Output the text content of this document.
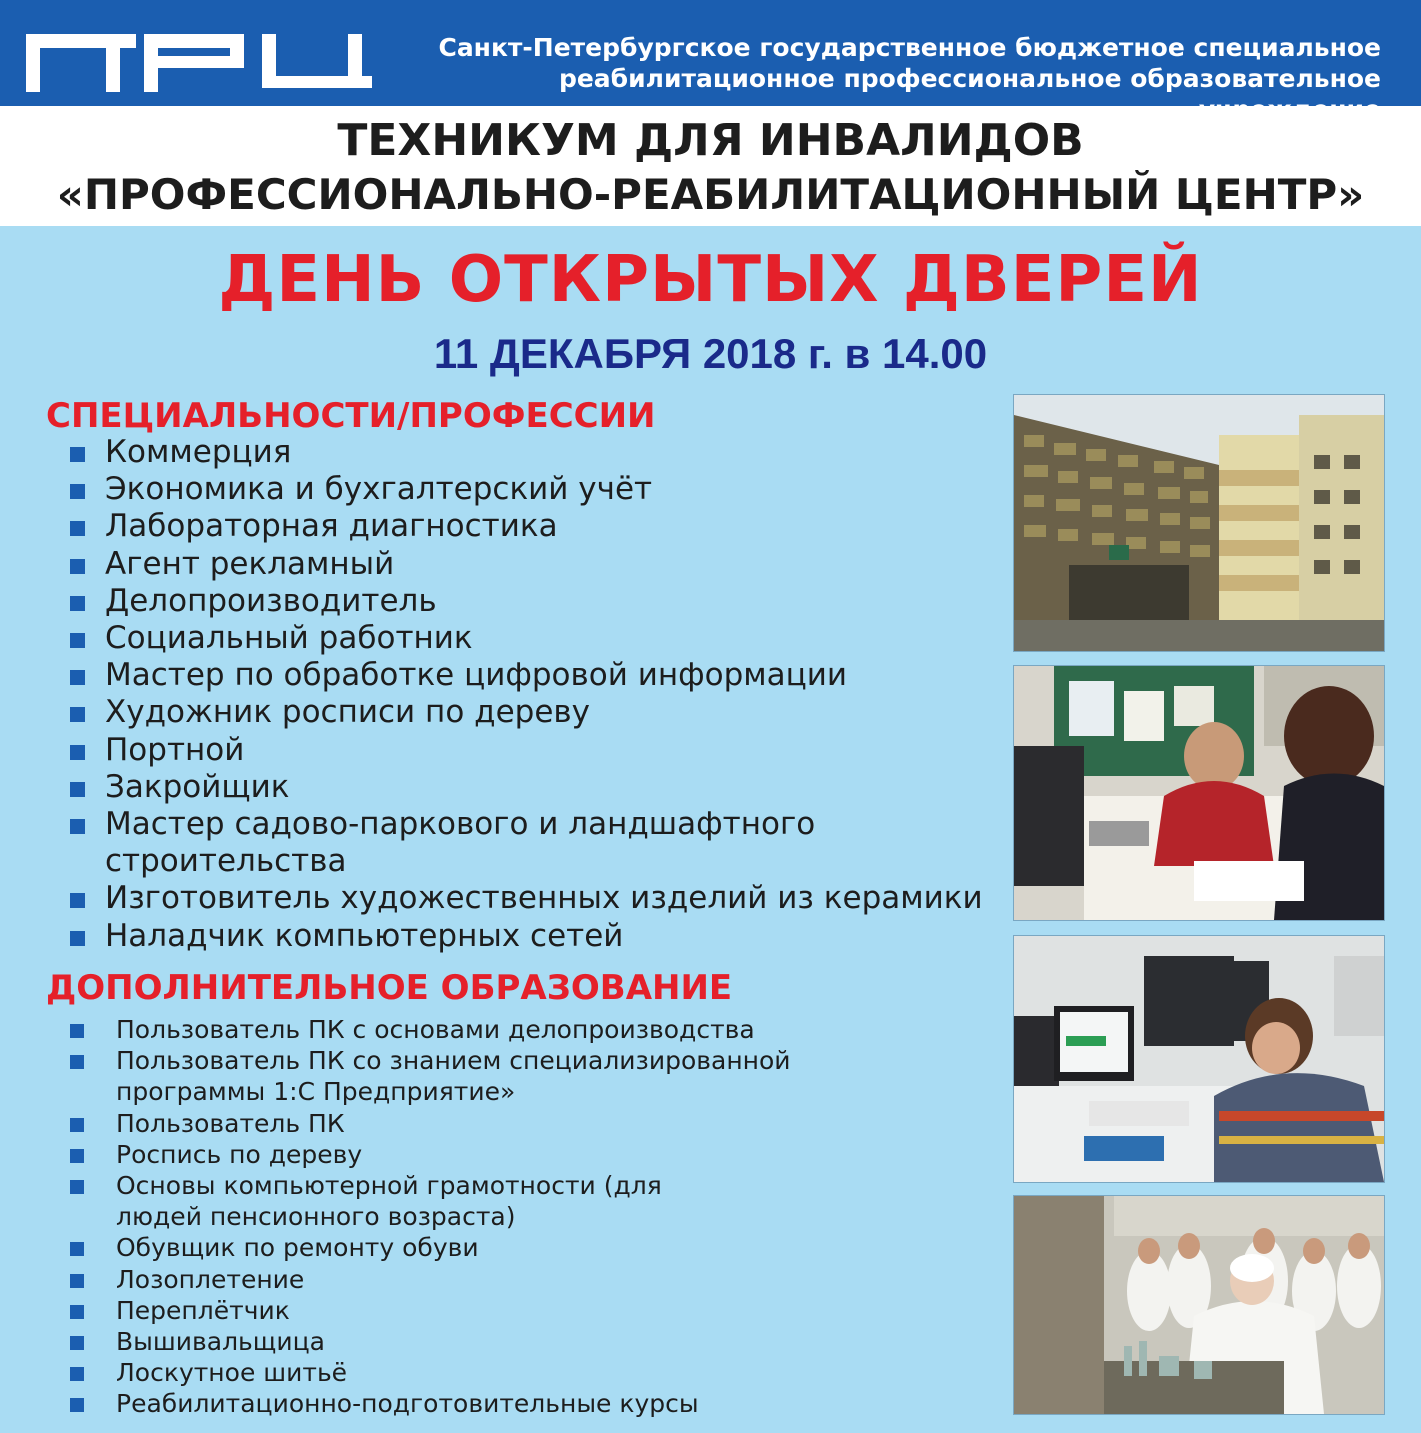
Санкт-Петербургское государственное бюджетное специальное
реабилитационное профессиональное образовательное
ТЕХНИКУМ ДЛЯ ИНВАЛИДОВ
«ПРОФЕССИОНАЛЬНО-РЕАБИЛИТАЦИОННЫЙ ЦЕНТР»
ДЕНЬ ОТКРЫТЫХ ДВЕРЕЙ
11 ДЕКАБРЯ 2018 г. в 14.00
СПЕЦИАЛЬНОСТИ/ПРОФЕССИИ
Коммерция
Экономика и бухгалтерский учёт
Лабораторная диагностика
Агент рекламный
Делопроизводитель
Социальный работник
Мастер по обработке цифровой информации
Художник росписи по дереву
Портной
Закройщик
Мастер садово-паркового и ландшафтного строительства
Изготовитель художественных изделий из керамики
Наладчик компьютерных сетей
ДОПОЛНИТЕЛЬНОЕ ОБРАЗОВАНИЕ
Пользователь ПК с основами делопроизводства
Пользователь ПК со знанием специализированной программы 1:С Предприятие»
Пользователь ПК
Роспись по дереву
Основы компьютерной грамотности (для людей пенсионного возраста)
Обувщик по ремонту обуви
Лозоплетение
Переплётчик
Вышивальщица
Лоскутное шитьё
Реабилитационно-подготовительные курсы
